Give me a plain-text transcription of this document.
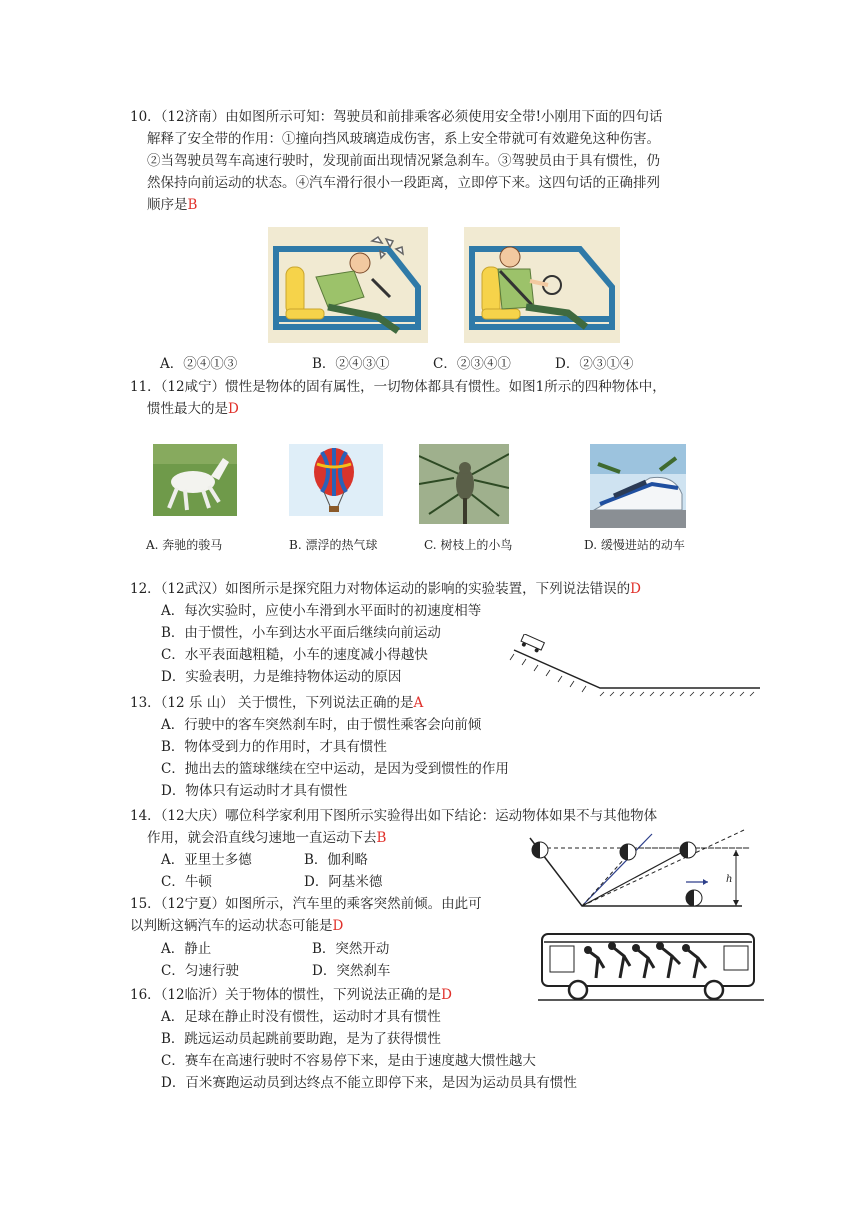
10．（12济南）由如图所示可知：驾驶员和前排乘客必须使用安全带!小刚用下面的四句话
解释了安全带的作用：①撞向挡风玻璃造成伤害，系上安全带就可有效避免这种伤害。
②当驾驶员驾车高速行驶时，发现前面出现情况紧急刹车。③驾驶员由于具有惯性，仍
然保持向前运动的状态。④汽车滑行很小一段距离，立即停下来。这四句话的正确排列
顺序是B
A．②④①③	B．②④③①	C．②③④①	D．②③①④
11．（12咸宁）惯性是物体的固有属性，一切物体都具有惯性。如图1所示的四种物体中，
惯性最大的是D
A. 奔驰的骏马	B. 漂浮的热气球	C. 树枝上的小鸟	D. 缓慢进站的动车
12．（12武汉）如图所示是探究阻力对物体运动的影响的实验装置，下列说法错误的D
A．每次实验时，应使小车滑到水平面时的初速度相等
B．由于惯性，小车到达水平面后继续向前运动
C．水平表面越粗糙，小车的速度减小得越快
D．实验表明，力是维持物体运动的原因
13．（12 乐 山） 关于惯性，下列说法正确的是A
A．行驶中的客车突然刹车时，由于惯性乘客会向前倾
B．物体受到力的作用时，才具有惯性
C．抛出去的篮球继续在空中运动，是因为受到惯性的作用
D．物体只有运动时才具有惯性
14．（12大庆）哪位科学家利用下图所示实验得出如下结论：运动物体如果不与其他物体
作用，就会沿直线匀速地一直运动下去B
A．亚里士多德	B．伽利略
C．牛顿	D．阿基米德	h
15．（12宁夏）如图所示，汽车里的乘客突然前倾。由此可
以判断这辆汽车的运动状态可能是D
A．静止	B．突然开动
C．匀速行驶	D．突然刹车
16．（12临沂）关于物体的惯性，下列说法正确的是D
A．足球在静止时没有惯性，运动时才具有惯性
B．跳远运动员起跳前要助跑，是为了获得惯性
C．赛车在高速行驶时不容易停下来，是由于速度越大惯性越大
D．百米赛跑运动员到达终点不能立即停下来，是因为运动员具有惯性
